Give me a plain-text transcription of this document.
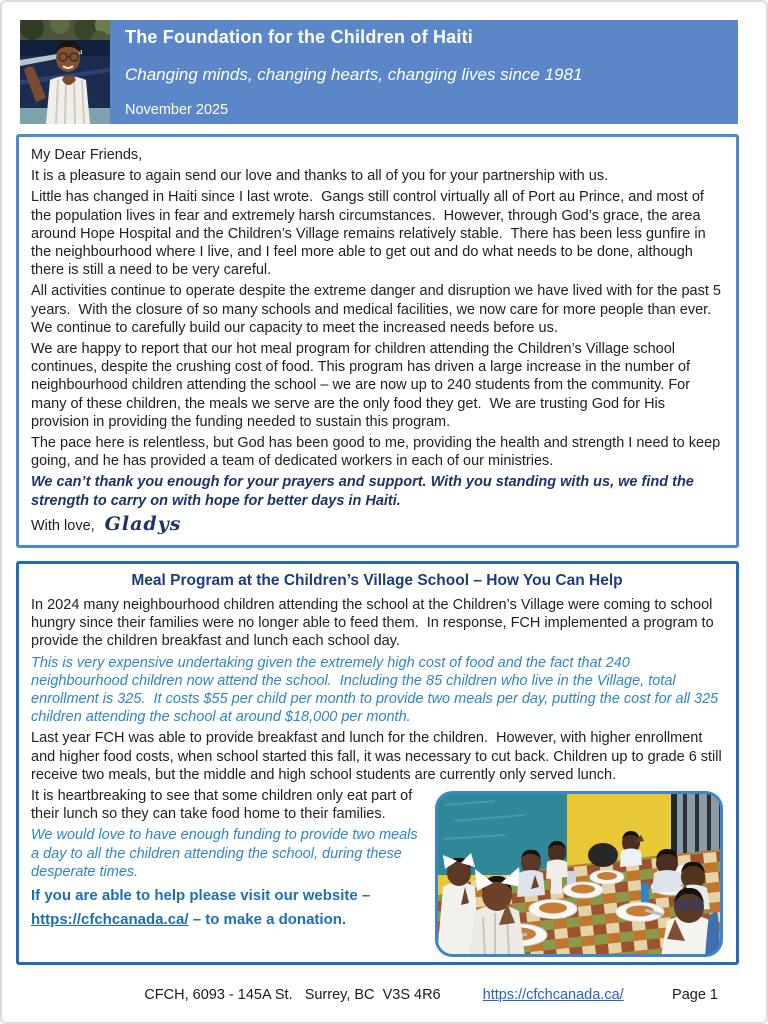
The Foundation for the Children of Haiti
Changing minds, changing hearts, changing lives since 1981
November 2025

My Dear Friends,

It is a pleasure to again send our love and thanks to all of you for your partnership with us.

Little has changed in Haiti since I last wrote.  Gangs still control virtually all of Port au Prince, and most of the population lives in fear and extremely harsh circumstances.  However, through God’s grace, the area around Hope Hospital and the Children’s Village remains relatively stable.  There has been less gunfire in the neighbourhood where I live, and I feel more able to get out and do what needs to be done, although there is still a need to be very careful.

All activities continue to operate despite the extreme danger and disruption we have lived with for the past 5 years.  With the closure of so many schools and medical facilities, we now care for more people than ever. We continue to carefully build our capacity to meet the increased needs before us.

We are happy to report that our hot meal program for children attending the Children’s Village school continues, despite the crushing cost of food. This program has driven a large increase in the number of neighbourhood children attending the school – we are now up to 240 students from the community. For many of these children, the meals we serve are the only food they get.  We are trusting God for His provision in providing the funding needed to sustain this program.

The pace here is relentless, but God has been good to me, providing the health and strength I need to keep going, and he has provided a team of dedicated workers in each of our ministries.

We can’t thank you enough for your prayers and support. With you standing with us, we find the strength to carry on with hope for better days in Haiti.

With love, Gladys

Meal Program at the Children’s Village School – How You Can Help

In 2024 many neighbourhood children attending the school at the Children’s Village were coming to school hungry since their families were no longer able to feed them.  In response, FCH implemented a program to provide the children breakfast and lunch each school day.

This is very expensive undertaking given the extremely high cost of food and the fact that 240 neighbourhood children now attend the school.  Including the 85 children who live in the Village, total enrollment is 325.  It costs $55 per child per month to provide two meals per day, putting the cost for all 325 children attending the school at around $18,000 per month.

Last year FCH was able to provide breakfast and lunch for the children.  However, with higher enrollment and higher food costs, when school started this fall, it was necessary to cut back. Children up to grade 6 still receive two meals, but the middle and high school students are currently only served lunch.

It is heartbreaking to see that some children only eat part of their lunch so they can take food home to their families.

We would love to have enough funding to provide two meals a day to all the children attending the school, during these desperate times.

If you are able to help please visit our website –

https://cfchcanada.ca/ – to make a donation.

CFCH, 6093 - 145A St.   Surrey, BC  V3S 4R6	https://cfchcanada.ca/	Page 1
